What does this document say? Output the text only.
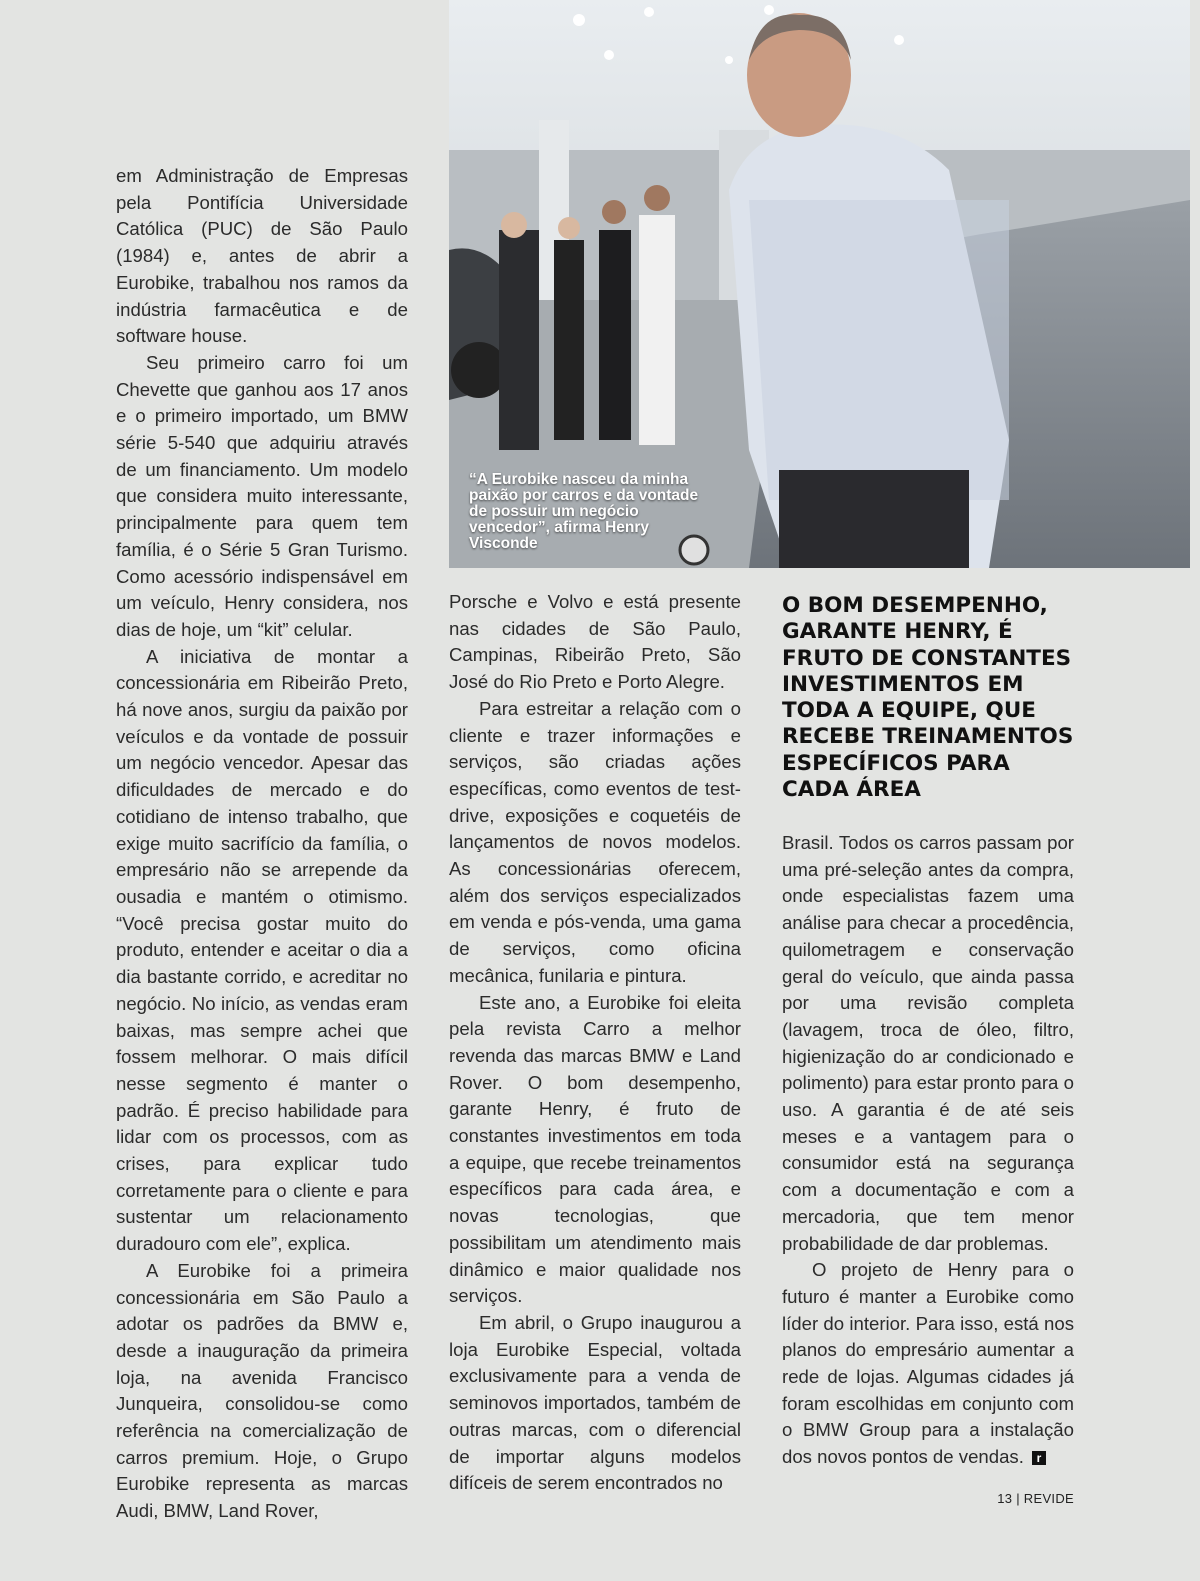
“A Eurobike nasceu da minha paixão por carros e da vontade de possuir um negócio vencedor”, afirma Henry Visconde

em Administração de Empresas pela Pontifícia Universidade Católica (PUC) de São Paulo (1984) e, antes de abrir a Eurobike, trabalhou nos ramos da indústria farmacêutica e de software house.

Seu primeiro carro foi um Chevette que ganhou aos 17 anos e o primeiro importado, um BMW série 5-540 que adquiriu através de um financiamento. Um modelo que considera muito interessante, principalmente para quem tem família, é o Série 5 Gran Turismo. Como acessório indispensável em um veículo, Henry considera, nos dias de hoje, um “kit” celular.

A iniciativa de montar a concessionária em Ribeirão Preto, há nove anos, surgiu da paixão por veículos e da vontade de possuir um negócio vencedor. Apesar das dificuldades de mercado e do cotidiano de intenso trabalho, que exige muito sacrifício da família, o empresário não se arrepende da ousadia e mantém o otimismo. “Você precisa gostar muito do produto, entender e aceitar o dia a dia bastante corrido, e acreditar no negócio. No início, as vendas eram baixas, mas sempre achei que fossem melhorar. O mais difícil nesse segmento é manter o padrão. É preciso habilidade para lidar com os processos, com as crises, para explicar tudo corretamente para o cliente e para sustentar um relacionamento duradouro com ele”, explica.

A Eurobike foi a primeira concessionária em São Paulo a adotar os padrões da BMW e, desde a inauguração da primeira loja, na avenida Francisco Junqueira, consolidou-se como referência na comercialização de carros premium. Hoje, o Grupo Eurobike representa as marcas Audi, BMW, Land Rover,

Porsche e Volvo e está presente nas cidades de São Paulo, Campinas, Ribeirão Preto, São José do Rio Preto e Porto Alegre.

Para estreitar a relação com o cliente e trazer informações e serviços, são criadas ações específicas, como eventos de test-drive, exposições e coquetéis de lançamentos de novos modelos. As concessionárias oferecem, além dos serviços especializados em venda e pós-venda, uma gama de serviços, como oficina mecânica, funilaria e pintura.

Este ano, a Eurobike foi eleita pela revista Carro a melhor revenda das marcas BMW e Land Rover. O bom desempenho, garante Henry, é fruto de constantes investimentos em toda a equipe, que recebe treinamentos específicos para cada área, e novas tecnologias, que possibilitam um atendimento mais dinâmico e maior qualidade nos serviços.

Em abril, o Grupo inaugurou a loja Eurobike Especial, voltada exclusivamente para a venda de seminovos importados, também de outras marcas, com o diferencial de importar alguns modelos difíceis de serem encontrados no

O BOM DESEMPENHO, GARANTE HENRY, É FRUTO DE CONSTANTES INVESTIMENTOS EM TODA A EQUIPE, QUE RECEBE TREINAMENTOS ESPECÍFICOS PARA CADA ÁREA

Brasil. Todos os carros passam por uma pré-seleção antes da compra, onde especialistas fazem uma análise para checar a procedência, quilometragem e conservação geral do veículo, que ainda passa por uma revisão completa (lavagem, troca de óleo, filtro, higienização do ar condicionado e polimento) para estar pronto para o uso. A garantia é de até seis meses e a vantagem para o consumidor está na segurança com a documentação e com a mercadoria, que tem menor probabilidade de dar problemas.

O projeto de Henry para o futuro é manter a Eurobike como líder do interior. Para isso, está nos planos do empresário aumentar a rede de lojas. Algumas cidades já foram escolhidas em conjunto com o BMW Group para a instalação dos novos pontos de vendas. r

13 | REVIDE
